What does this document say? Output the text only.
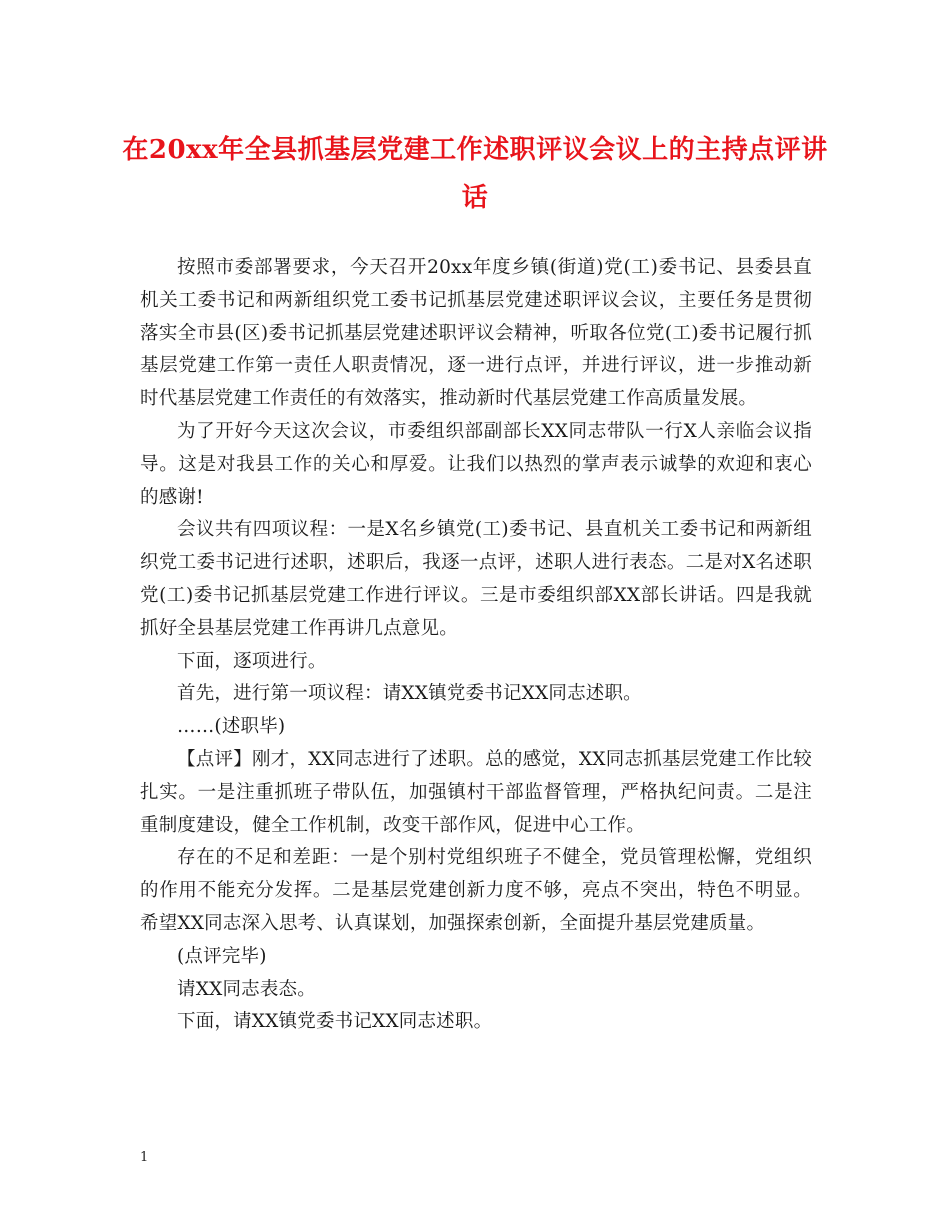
在20xx年全县抓基层党建工作述职评议会议上的主持点评讲话

按照市委部署要求，今天召开20xx年度乡镇(街道)党(工)委书记、县委县直机关工委书记和两新组织党工委书记抓基层党建述职评议会议，主要任务是贯彻落实全市县(区)委书记抓基层党建述职评议会精神，听取各位党(工)委书记履行抓基层党建工作第一责任人职责情况，逐一进行点评，并进行评议，进一步推动新时代基层党建工作责任的有效落实，推动新时代基层党建工作高质量发展。

为了开好今天这次会议，市委组织部副部长XX同志带队一行X人亲临会议指导。这是对我县工作的关心和厚爱。让我们以热烈的掌声表示诚挚的欢迎和衷心的感谢!

会议共有四项议程：一是X名乡镇党(工)委书记、县直机关工委书记和两新组织党工委书记进行述职，述职后，我逐一点评，述职人进行表态。二是对X名述职党(工)委书记抓基层党建工作进行评议。三是市委组织部XX部长讲话。四是我就抓好全县基层党建工作再讲几点意见。

下面，逐项进行。

首先，进行第一项议程：请XX镇党委书记XX同志述职。

……(述职毕)

【点评】刚才，XX同志进行了述职。总的感觉，XX同志抓基层党建工作比较扎实。一是注重抓班子带队伍，加强镇村干部监督管理，严格执纪问责。二是注重制度建设，健全工作机制，改变干部作风，促进中心工作。

存在的不足和差距：一是个别村党组织班子不健全，党员管理松懈，党组织的作用不能充分发挥。二是基层党建创新力度不够，亮点不突出，特色不明显。希望XX同志深入思考、认真谋划，加强探索创新，全面提升基层党建质量。

(点评完毕)

请XX同志表态。

下面，请XX镇党委书记XX同志述职。

1
